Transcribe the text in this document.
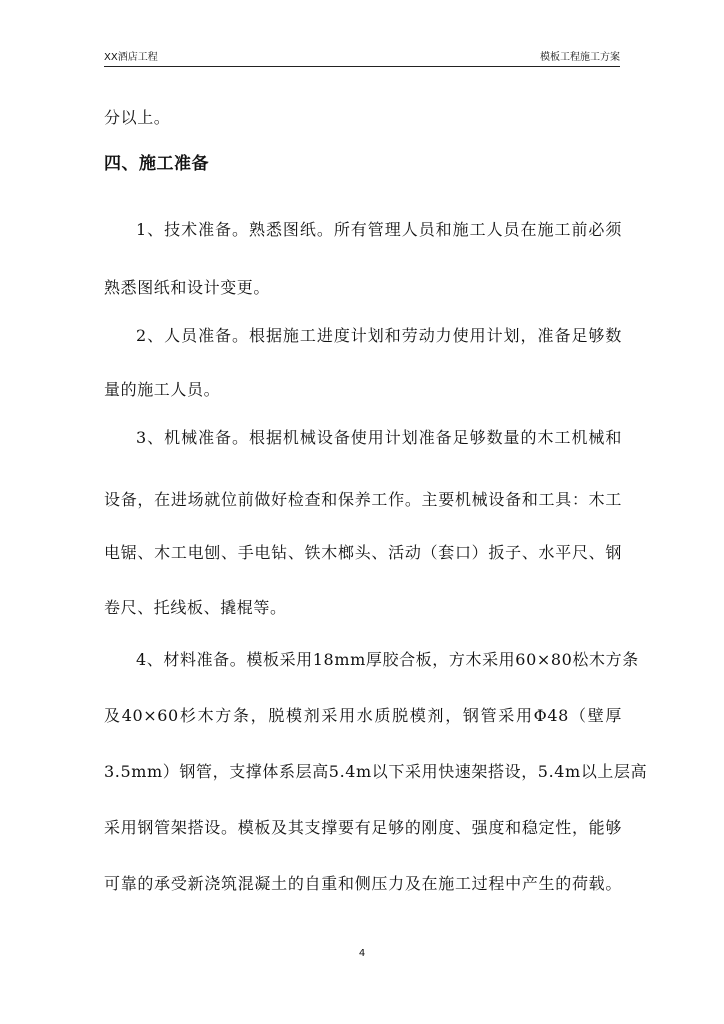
XX酒店工程	模板工程施工方案
分以上。
四、施工准备
1、技术准备。熟悉图纸。所有管理人员和施工人员在施工前必须
熟悉图纸和设计变更。
2、人员准备。根据施工进度计划和劳动力使用计划，准备足够数
量的施工人员。
3、机械准备。根据机械设备使用计划准备足够数量的木工机械和
设备，在进场就位前做好检查和保养工作。主要机械设备和工具：木工
电锯、木工电刨、手电钻、铁木榔头、活动（套口）扳子、水平尺、钢
卷尺、托线板、撬棍等。
4、材料准备。模板采用18mm厚胶合板，方木采用60×80松木方条
及40×60杉木方条，脱模剂采用水质脱模剂，钢管采用Φ48（壁厚
3.5mm）钢管，支撑体系层高5.4m以下采用快速架搭设，5.4m以上层高
采用钢管架搭设。模板及其支撑要有足够的刚度、强度和稳定性，能够
可靠的承受新浇筑混凝土的自重和侧压力及在施工过程中产生的荷载。
4
